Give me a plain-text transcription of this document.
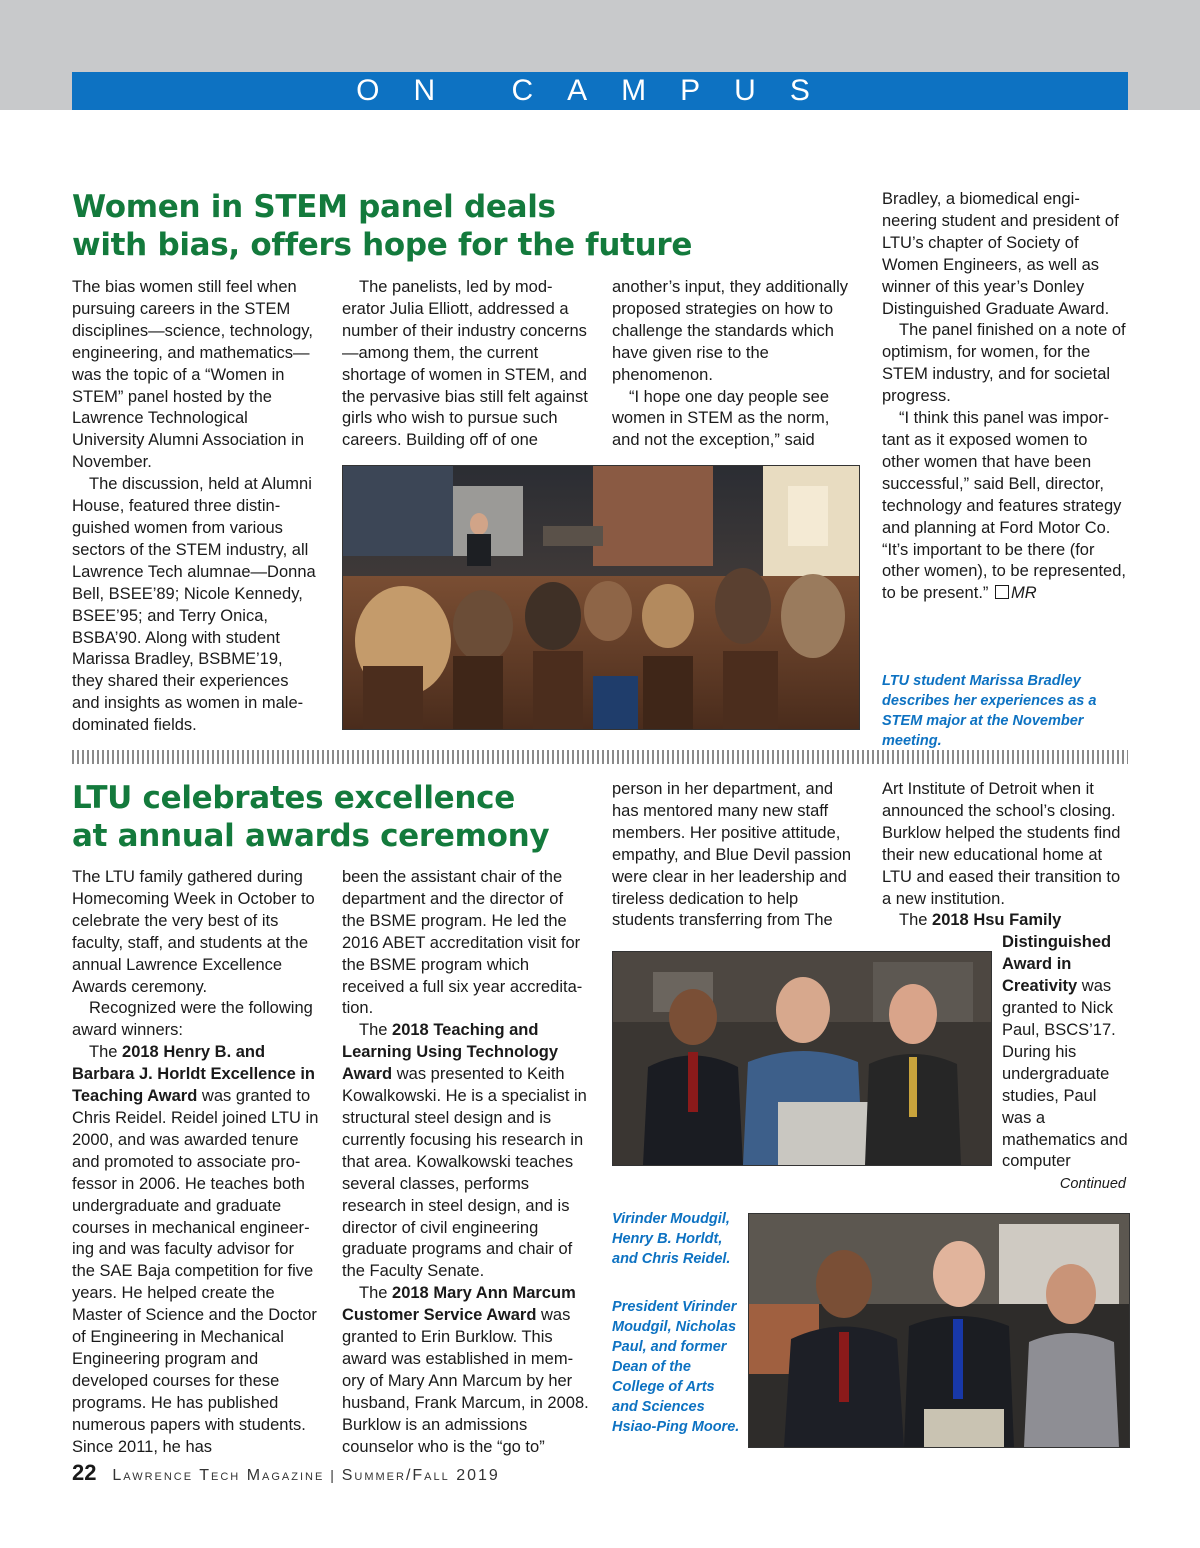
ON CAMPUS
Women in STEM panel deals
with bias, offers hope for the future

The bias women still feel when pursuing careers in the STEM disciplines—science, technology, engineering, and mathematics—was the topic of a “Women in STEM” panel hosted by the Lawrence Technological University Alumni Association in November.

The discussion, held at Alumni House, featured three distinguished women from various sectors of the STEM industry, all Lawrence Tech alumnae—Donna Bell, BSEE’89; Nicole Kennedy, BSEE’95; and Terry Onica, BSBA’90. Along with student Marissa Bradley, BSBME’19, they shared their experiences and insights as women in male-dominated fields.

The panelists, led by moderator Julia Elliott, addressed a number of their industry concerns—among them, the current shortage of women in STEM, and the pervasive bias still felt against girls who wish to pursue such careers. Building off of one

another’s input, they additionally proposed strategies on how to challenge the standards which have given rise to the phenomenon.

“I hope one day people see women in STEM as the norm, and not the exception,” said

Bradley, a biomedical engineering student and president of LTU’s chapter of Society of Women Engineers, as well as winner of this year’s Donley Distinguished Graduate Award.

The panel finished on a note of optimism, for women, for the STEM industry, and for societal progress.

“I think this panel was important as it exposed women to other women that have been successful,” said Bell, director, technology and features strategy and planning at Ford Motor Co. “It’s important to be there (for other women), to be represented, to be present.” MR

LTU student Marissa Bradley describes her experiences as a STEM major at the November meeting.
LTU celebrates excellence
at annual awards ceremony

The LTU family gathered during Homecoming Week in October to celebrate the very best of its faculty, staff, and students at the annual Lawrence Excellence Awards ceremony.

Recognized were the following award winners:

The 2018 Henry B. and Barbara J. Horldt Excellence in Teaching Award was granted to Chris Reidel. Reidel joined LTU in 2000, and was awarded tenure and promoted to associate professor in 2006. He teaches both undergraduate and graduate courses in mechanical engineering and was faculty advisor for the SAE Baja competition for five years. He helped create the Master of Science and the Doctor of Engineering in Mechanical Engineering program and developed courses for these programs. He has published numerous papers with students. Since 2011, he has

been the assistant chair of the department and the director of the BSME program. He led the 2016 ABET accreditation visit for the BSME program which received a full six year accreditation.

The 2018 Teaching and Learning Using Technology Award was presented to Keith Kowalkowski. He is a specialist in structural steel design and is currently focusing his research in that area. Kowalkowski teaches several classes, performs research in steel design, and is director of civil engineering graduate programs and chair of the Faculty Senate.

The 2018 Mary Ann Marcum Customer Service Award was granted to Erin Burklow. This award was established in memory of Mary Ann Marcum by her husband, Frank Marcum, in 2008. Burklow is an admissions counselor who is the “go to”

person in her department, and has mentored many new staff members. Her positive attitude, empathy, and Blue Devil passion were clear in her leadership and tireless dedication to help students transferring from The

Art Institute of Detroit when it announced the school’s closing. Burklow helped the students find their new educational home at LTU and eased their transition to a new institution.

The 2018 Hsu Family

Distinguished Award in Creativity was granted to Nick Paul, BSCS’17. During his undergraduate studies, Paul was a mathematics and computer

Continued
Virinder Moudgil, Henry B. Horldt, and Chris Reidel.
President Virinder Moudgil, Nicholas Paul, and former Dean of the College of Arts and Sciences Hsiao-Ping Moore.
22 Lawrence Tech Magazine | Summer/Fall 2019
